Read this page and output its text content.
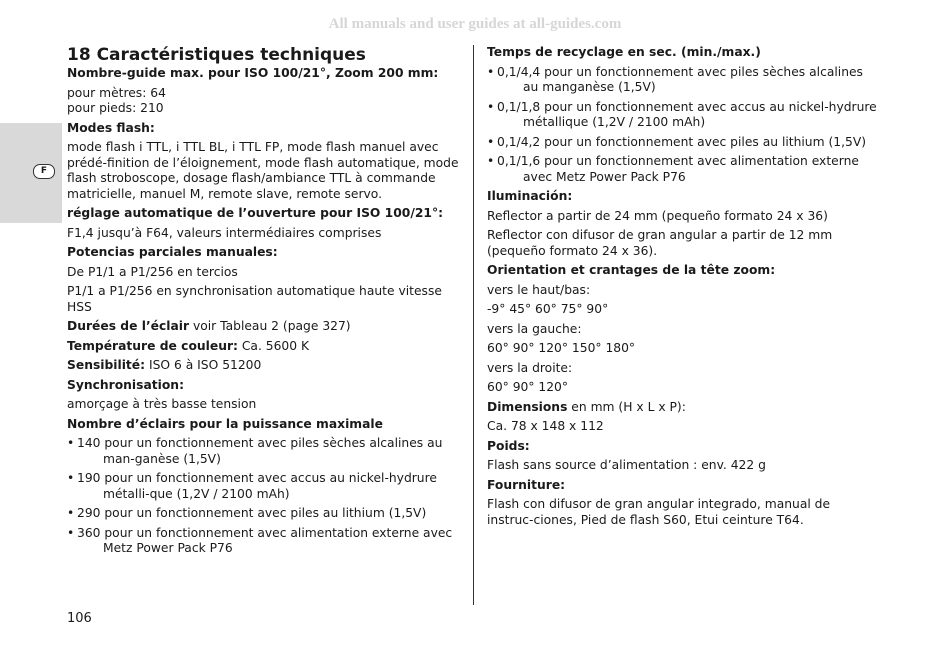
All manuals and user guides at all-guides.com
F
18 Caractéristiques techniques
Nombre-guide max. pour ISO 100/21°, Zoom 200 mm:
pour mètres: 64
pour pieds: 210
Modes flash:
mode flash i TTL, i TTL BL, i TTL FP, mode flash manuel avec prédé-finition de l’éloignement, mode flash automatique, mode flash stroboscope, dosage flash/ambiance TTL à commande matricielle, manuel M, remote slave, remote servo.
réglage automatique de l’ouverture pour ISO 100/21°:
F1,4 jusqu’à F64, valeurs intermédiaires comprises
Potencias parciales manuales:
De P1/1 a P1/256 en tercios
P1/1 a P1/256 en synchronisation automatique haute vitesse HSS
Durées de l’éclair voir Tableau 2 (page 327)
Température de couleur: Ca. 5600 K
Sensibilité: ISO 6 à ISO 51200
Synchronisation:
amorçage à très basse tension
Nombre d’éclairs pour la puissance maximale
• 140 pour un fonctionnement avec piles sèches alcalines au man-ganèse (1,5V)
• 190 pour un fonctionnement avec accus au nickel-hydrure métalli-que (1,2V / 2100 mAh)
• 290 pour un fonctionnement avec piles au lithium (1,5V)
• 360 pour un fonctionnement avec alimentation externe avec Metz Power Pack P76
Temps de recyclage en sec. (min./max.)
• 0,1/4,4 pour un fonctionnement avec piles sèches alcalines au manganèse (1,5V)
• 0,1/1,8 pour un fonctionnement avec accus au nickel-hydrure métallique (1,2V / 2100 mAh)
• 0,1/4,2 pour un fonctionnement avec piles au lithium (1,5V)
• 0,1/1,6 pour un fonctionnement avec alimentation externe avec Metz Power Pack P76
Iluminación:
Reflector a partir de 24 mm (pequeño formato 24 x 36)
Reflector con difusor de gran angular a partir de 12 mm (pequeño formato 24 x 36).
Orientation et crantages de la tête zoom:
vers le haut/bas:
-9° 45° 60° 75° 90°
vers la gauche:
60° 90° 120° 150° 180°
vers la droite:
60° 90° 120°
Dimensions en mm (H x L x P):
Ca. 78 x 148 x 112
Poids:
Flash sans source d’alimentation : env. 422 g
Fourniture:
Flash con difusor de gran angular integrado, manual de instruc-ciones, Pied de flash S60, Etui ceinture T64.
106
